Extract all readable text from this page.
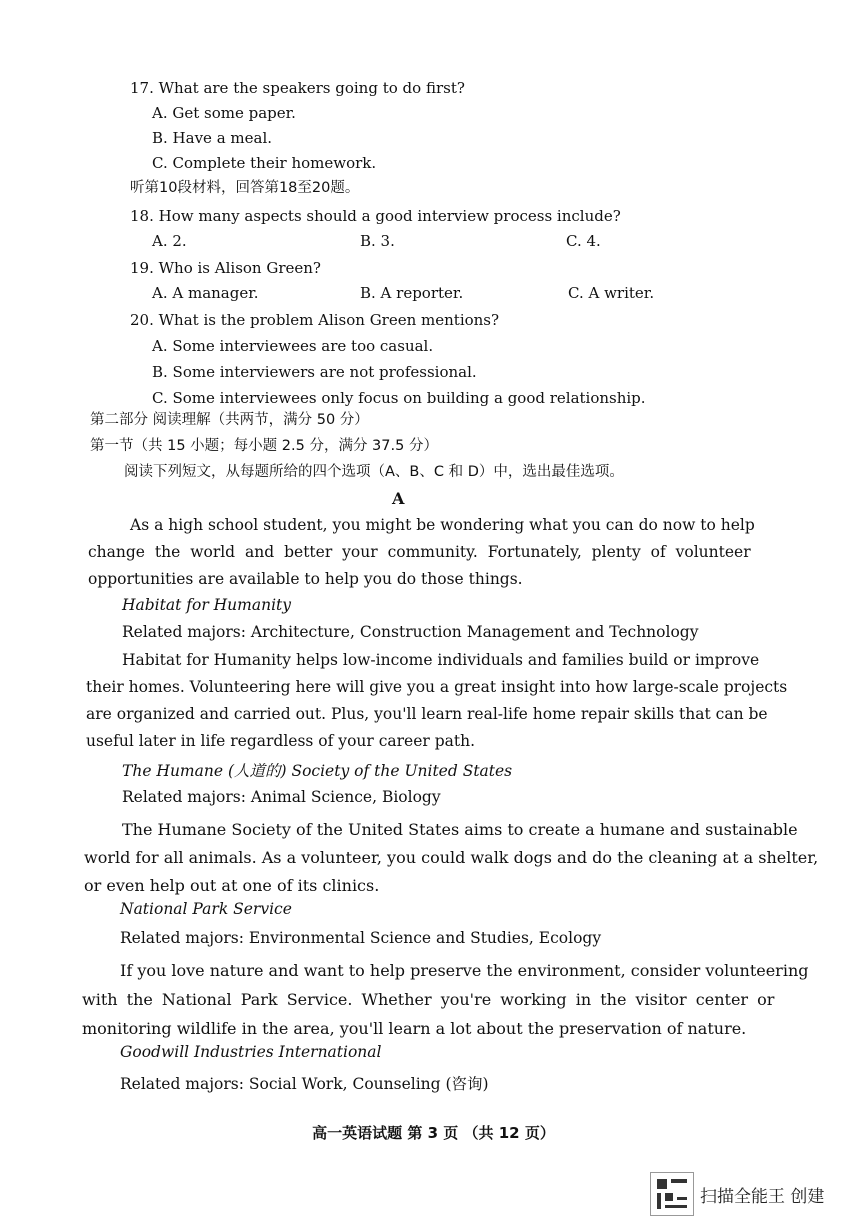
17. What are the speakers going to do first?
A. Get some paper.
B. Have a meal.
C. Complete their homework.
听第10段材料，回答第18至20题。
18. How many aspects should a good interview process include?
A. 2.	B. 3.	C. 4.
19. Who is Alison Green?
A. A manager.	B. A reporter.	C. A writer.
20. What is the problem Alison Green mentions?
A. Some interviewees are too casual.
B. Some interviewers are not professional.
C. Some interviewees only focus on building a good relationship.
第二部分 阅读理解（共两节，满分 50 分）
第一节（共 15 小题；每小题 2.5 分，满分 37.5 分）
阅读下列短文，从每题所给的四个选项（A、B、C 和 D）中，选出最佳选项。
A
As a high school student, you might be wondering what you can do now to help
change the world and better your community. Fortunately, plenty of volunteer
opportunities are available to help you do those things.
Habitat for Humanity
Related majors: Architecture, Construction Management and Technology
Habitat for Humanity helps low-income individuals and families build or improve
their homes. Volunteering here will give you a great insight into how large-scale projects
are organized and carried out. Plus, you'll learn real-life home repair skills that can be
useful later in life regardless of your career path.
The Humane (人道的) Society of the United States
Related majors: Animal Science, Biology
The Humane Society of the United States aims to create a humane and sustainable
world for all animals. As a volunteer, you could walk dogs and do the cleaning at a shelter,
or even help out at one of its clinics.
National Park Service
Related majors: Environmental Science and Studies, Ecology
If you love nature and want to help preserve the environment, consider volunteering
with the National Park Service. Whether you're working in the visitor center or
monitoring wildlife in the area, you'll learn a lot about the preservation of nature.
Goodwill Industries International
Related majors: Social Work, Counseling (咨询)
高一英语试题 第 3 页 （共 12 页）
扫描全能王 创建
